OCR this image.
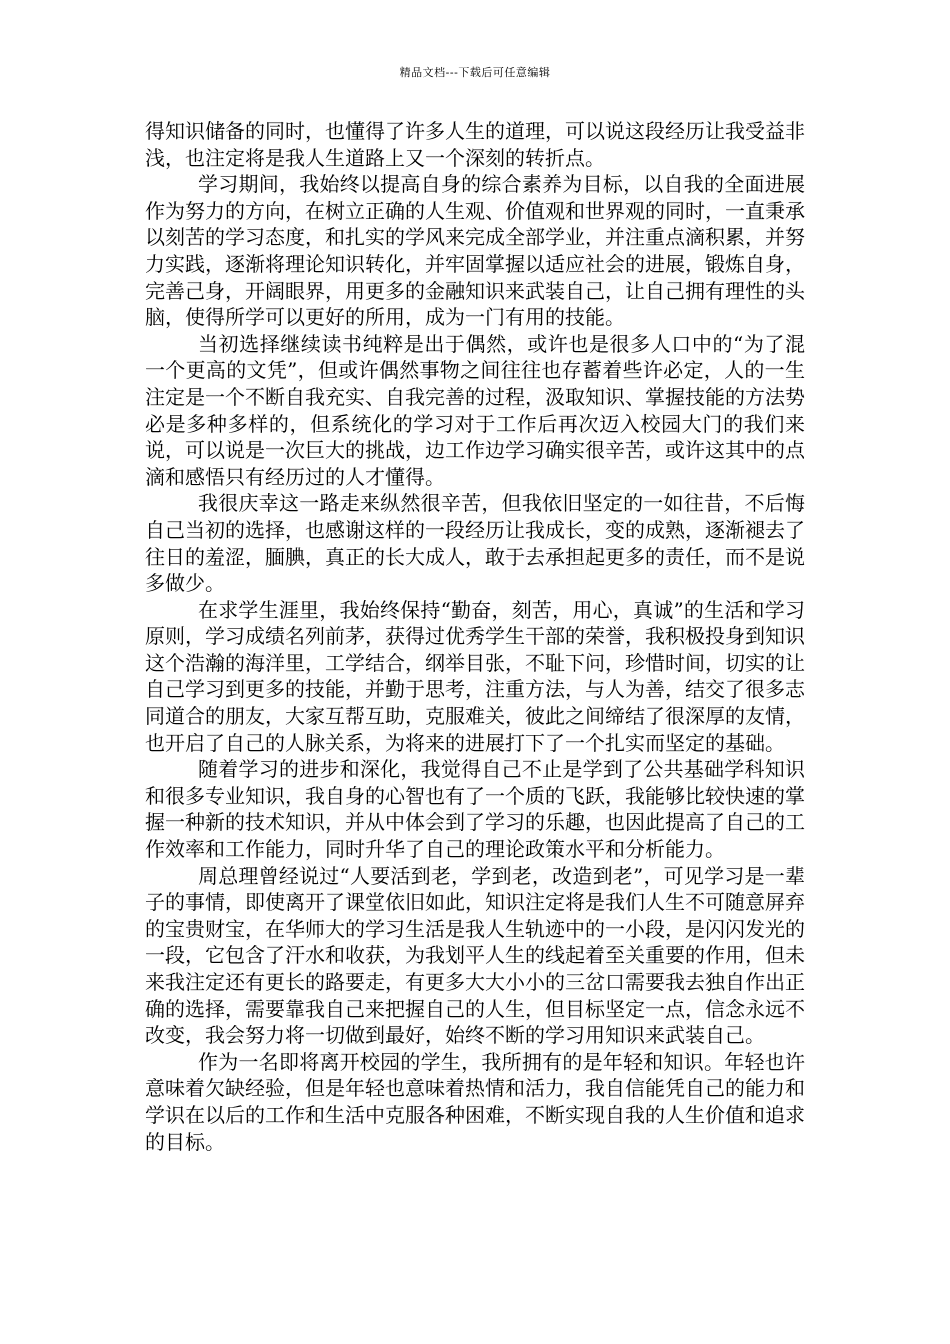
精品文档---下载后可任意编辑

得知识储备的同时，也懂得了许多人生的道理，可以说这段经历让我受益非浅，也注定将是我人生道路上又一个深刻的转折点。

学习期间，我始终以提高自身的综合素养为目标，以自我的全面进展作为努力的方向，在树立正确的人生观、价值观和世界观的同时，一直秉承以刻苦的学习态度，和扎实的学风来完成全部学业，并注重点滴积累，并努力实践，逐渐将理论知识转化，并牢固掌握以适应社会的进展，锻炼自身，完善己身，开阔眼界，用更多的金融知识来武装自己，让自己拥有理性的头脑，使得所学可以更好的所用，成为一门有用的技能。

当初选择继续读书纯粹是出于偶然，或许也是很多人口中的“为了混一个更高的文凭”，但或许偶然事物之间往往也存蓄着些许必定，人的一生注定是一个不断自我充实、自我完善的过程，汲取知识、掌握技能的方法势必是多种多样的，但系统化的学习对于工作后再次迈入校园大门的我们来说，可以说是一次巨大的挑战，边工作边学习确实很辛苦，或许这其中的点滴和感悟只有经历过的人才懂得。

我很庆幸这一路走来纵然很辛苦，但我依旧坚定的一如往昔，不后悔自己当初的选择，也感谢这样的一段经历让我成长，变的成熟，逐渐褪去了往日的羞涩，腼腆，真正的长大成人，敢于去承担起更多的责任，而不是说多做少。

在求学生涯里，我始终保持“勤奋，刻苦，用心，真诚”的生活和学习原则，学习成绩名列前茅，获得过优秀学生干部的荣誉，我积极投身到知识这个浩瀚的海洋里，工学结合，纲举目张，不耻下问，珍惜时间，切实的让自己学习到更多的技能，并勤于思考，注重方法，与人为善，结交了很多志同道合的朋友，大家互帮互助，克服难关，彼此之间缔结了很深厚的友情，也开启了自己的人脉关系，为将来的进展打下了一个扎实而坚定的基础。

随着学习的进步和深化，我觉得自己不止是学到了公共基础学科知识和很多专业知识，我自身的心智也有了一个质的飞跃，我能够比较快速的掌握一种新的技术知识，并从中体会到了学习的乐趣，也因此提高了自己的工作效率和工作能力，同时升华了自己的理论政策水平和分析能力。

周总理曾经说过“人要活到老，学到老，改造到老”，可见学习是一辈子的事情，即使离开了课堂依旧如此，知识注定将是我们人生不可随意屏弃的宝贵财宝，在华师大的学习生活是我人生轨迹中的一小段，是闪闪发光的一段，它包含了汗水和收获，为我划平人生的线起着至关重要的作用，但未来我注定还有更长的路要走，有更多大大小小的三岔口需要我去独自作出正确的选择，需要靠我自己来把握自己的人生，但目标坚定一点，信念永远不改变，我会努力将一切做到最好，始终不断的学习用知识来武装自己。

作为一名即将离开校园的学生，我所拥有的是年轻和知识。年轻也许意味着欠缺经验，但是年轻也意味着热情和活力，我自信能凭自己的能力和学识在以后的工作和生活中克服各种困难，不断实现自我的人生价值和追求的目标。
